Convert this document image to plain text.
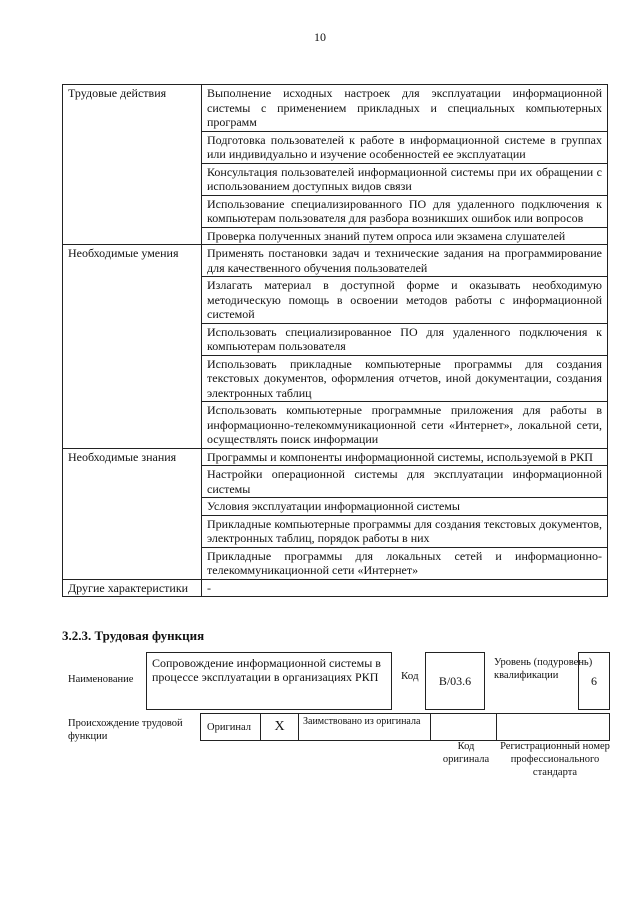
10
Трудовые действия	Выполнение исходных настроек для эксплуатации информационной системы с применением прикладных и специальных компьютерных программ
	Подготовка пользователей к работе в информационной системе в группах или индивидуально и изучение особенностей ее эксплуатации
	Консультация пользователей информационной системы при их обращении с использованием доступных видов связи
	Использование специализированного ПО для удаленного подключения к компьютерам пользователя для разбора возникших ошибок или вопросов
	Проверка полученных знаний путем опроса или экзамена слушателей
Необходимые умения	Применять постановки задач и технические задания на программирование для качественного обучения пользователей
	Излагать материал в доступной форме и оказывать необходимую методическую помощь в освоении методов работы с информационной системой
	Использовать специализированное ПО для удаленного подключения к компьютерам пользователя
	Использовать прикладные компьютерные программы для создания текстовых документов, оформления отчетов, иной документации, создания электронных таблиц
	Использовать компьютерные программные приложения для работы в информационно-телекоммуникационной сети «Интернет», локальной сети, осуществлять поиск информации
Необходимые знания	Программы и компоненты информационной системы, используемой в РКП
	Настройки операционной системы для эксплуатации информационной системы
	Условия эксплуатации информационной системы
	Прикладные компьютерные программы для создания текстовых документов, электронных таблиц, порядок работы в них
	Прикладные программы для локальных сетей и информационно-телекоммуникационной сети «Интернет»
Другие характеристики	-
3.2.3. Трудовая функция
Наименование
Сопровождение информационной системы в процессе эксплуатации в организациях РКП	Код	B/03.6
Уровень (подуровень) квалификации	6
Происхождение трудовой функции
Оригинал	X	Заимствовано из оригинала
Код оригинала
Регистрационный номер профессионального стандарта
